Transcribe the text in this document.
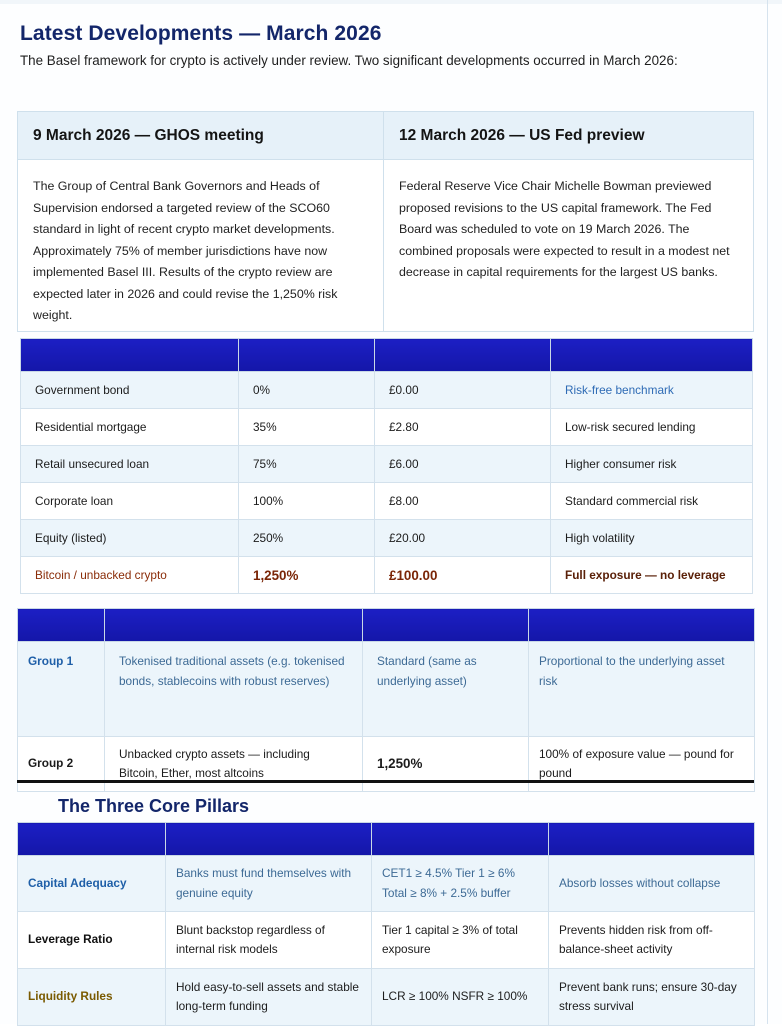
Latest Developments — March 2026

The Basel framework for crypto is actively under review. Two significant developments occurred in March 2026:

9 March 2026 — GHOS meeting	12 March 2026 — US Fed preview
The Group of Central Bank Governors and Heads of Supervision endorsed a targeted review of the SCO60 standard in light of recent crypto market developments. Approximately 75% of member jurisdictions have now implemented Basel III. Results of the crypto review are expected later in 2026 and could revise the 1,250% risk weight.
Federal Reserve Vice Chair Michelle Bowman previewed proposed revisions to the US capital framework. The Fed Board was scheduled to vote on 19 March 2026. The combined proposals were expected to result in a modest net decrease in capital requirements for the largest US banks.

Government bond	0%	£0.00	Risk-free benchmark
Residential mortgage	35%	£2.80	Low-risk secured lending
Retail unsecured loan	75%	£6.00	Higher consumer risk
Corporate loan	100%	£8.00	Standard commercial risk
Equity (listed)	250%	£20.00	High volatility
Bitcoin / unbacked crypto	1,250%	£100.00	Full exposure — no leverage

Group 1	Tokenised traditional assets (e.g. tokenised bonds, stablecoins with robust reserves)	Standard (same as underlying asset)	Proportional to the underlying asset risk
Group 2	Unbacked crypto assets — including Bitcoin, Ether, most altcoins	1,250%	100% of exposure value — pound for pound
The Three Core Pillars

Capital Adequacy	Banks must fund themselves with genuine equity	CET1 ≥ 4.5% Tier 1 ≥ 6% Total ≥ 8% + 2.5% buffer	Absorb losses without collapse
Leverage Ratio	Blunt backstop regardless of internal risk models	Tier 1 capital ≥ 3% of total exposure	Prevents hidden risk from off-balance-sheet activity
Liquidity Rules	Hold easy-to-sell assets and stable long-term funding	LCR ≥ 100% NSFR ≥ 100%	Prevent bank runs; ensure 30-day stress survival
